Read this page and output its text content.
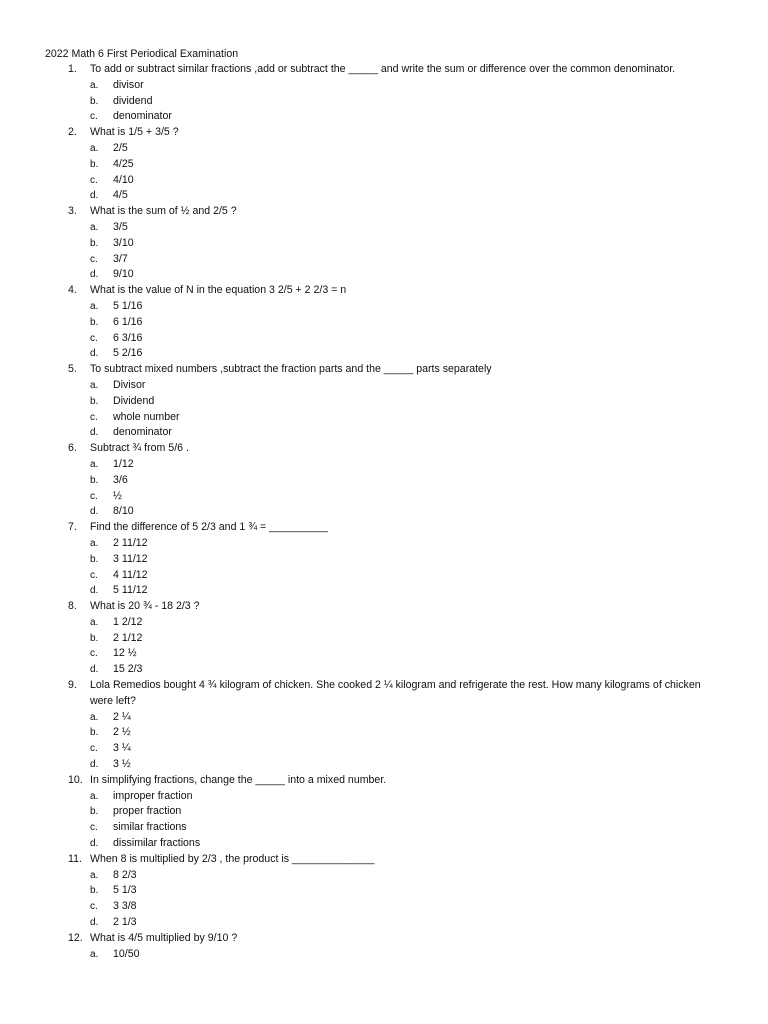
2022 Math 6 First Periodical Examination
1. To add or subtract similar fractions ,add or subtract the _____ and write the sum or difference over the common denominator.
a. divisor
b. dividend
c. denominator
2. What is 1/5 + 3/5 ?
a. 2/5
b. 4/25
c. 4/10
d. 4/5
3. What is the sum of ½ and 2/5 ?
a. 3/5
b. 3/10
c. 3/7
d. 9/10
4. What is the value of N in the equation 3 2/5 + 2 2/3 = n
a. 5 1/16
b. 6 1/16
c. 6 3/16
d. 5 2/16
5. To subtract mixed numbers ,subtract the fraction parts and the _____ parts separately
a. Divisor
b. Dividend
c. whole number
d. denominator
6. Subtract ¾ from 5/6 .
a. 1/12
b. 3/6
c. ½
d. 8/10
7. Find the difference of 5 2/3 and 1 ¾ = __________
a. 2 11/12
b. 3 11/12
c. 4 11/12
d. 5 11/12
8. What is 20 ¾ - 18 2/3 ?
a. 1 2/12
b. 2 1/12
c. 12 ½
d. 15 2/3
9. Lola Remedios bought 4 ¾ kilogram of chicken. She cooked 2 ¼ kilogram and refrigerate the rest. How many kilograms of chicken were left?
a. 2 ¼
b. 2 ½
c. 3 ¼
d. 3 ½
10. In simplifying fractions, change the _____ into a mixed number.
a. improper fraction
b. proper fraction
c. similar fractions
d. dissimilar fractions
11. When 8 is multiplied by 2/3 , the product is ______________
a. 8 2/3
b. 5 1/3
c. 3 3/8
d. 2 1/3
12. What is 4/5 multiplied by 9/10 ?
a. 10/50
